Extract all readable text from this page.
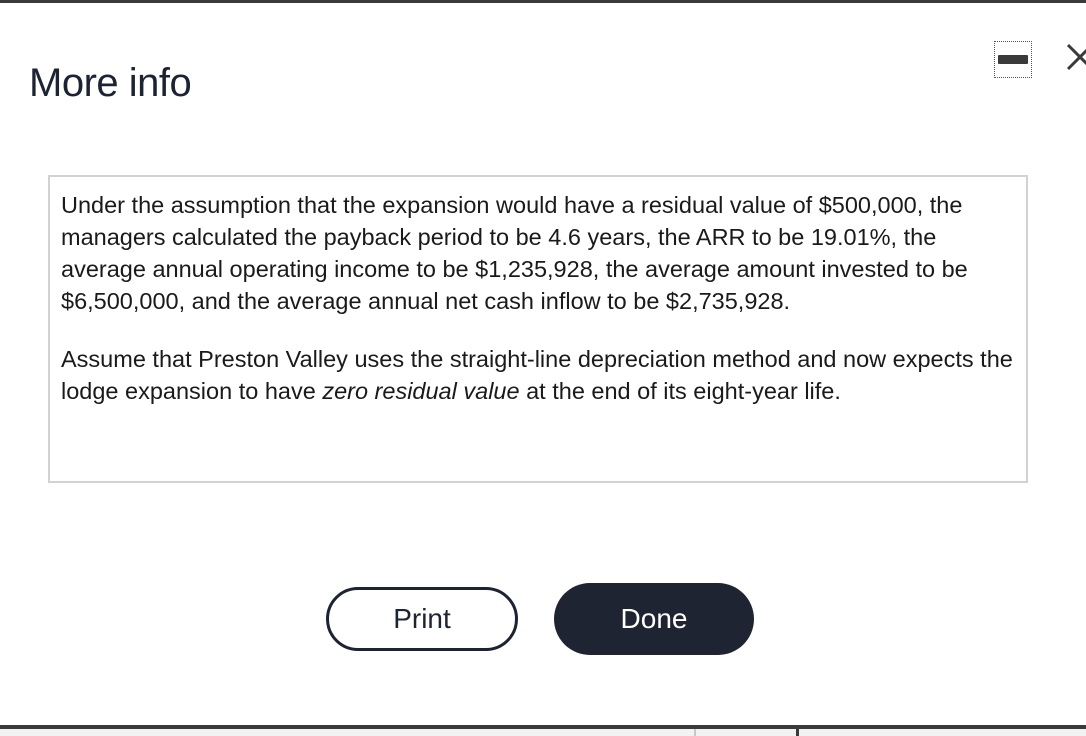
More info

Under the assumption that the expansion would have a residual value of $500,000, the managers calculated the payback period to be 4.6 years, the ARR to be 19.01%, the average annual operating income to be $1,235,928, the average amount invested to be $6,500,000, and the average annual net cash inflow to be $2,735,928.

Assume that Preston Valley uses the straight-line depreciation method and now expects the lodge expansion to have zero residual value at the end of its eight-year life.

Print	Done
